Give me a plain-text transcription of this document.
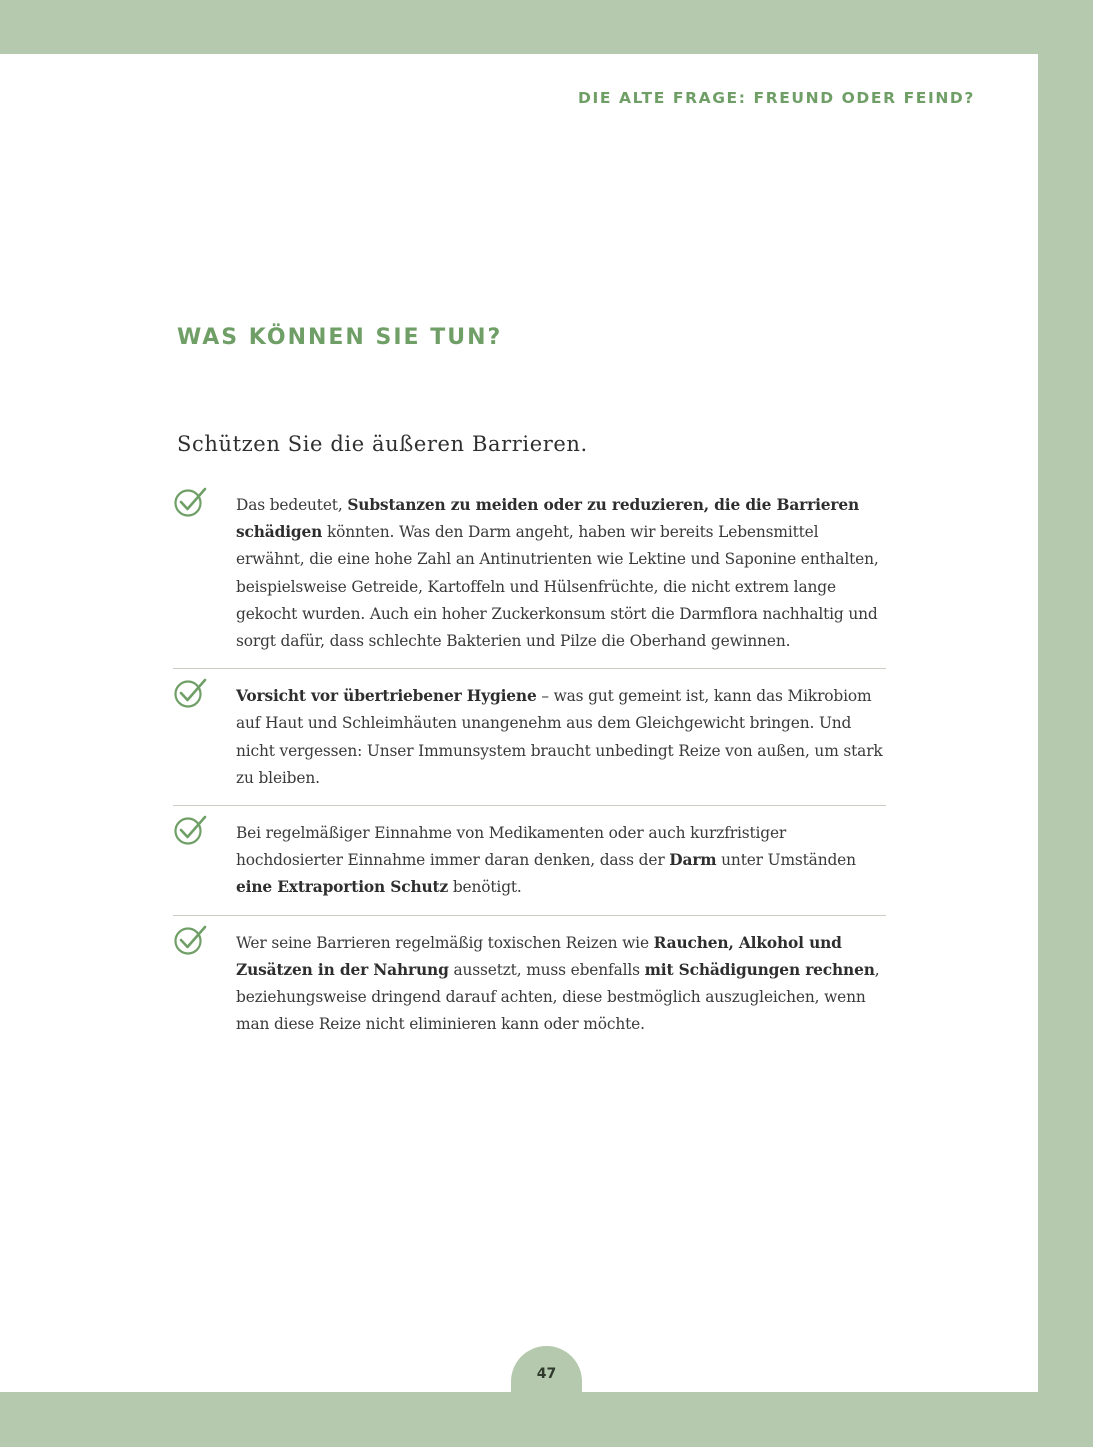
DIE ALTE FRAGE: FREUND ODER FEIND?
WAS KÖNNEN SIE TUN?
Schützen Sie die äußeren Barrieren.

Das bedeutet, Substanzen zu meiden oder zu reduzieren, die die Barrieren schädigen könnten. Was den Darm angeht, haben wir bereits Lebensmittel erwähnt, die eine hohe Zahl an Antinutrienten wie Lektine und Saponine enthalten, beispielsweise Getreide, Kartoffeln und Hülsenfrüchte, die nicht extrem lange gekocht wurden. Auch ein hoher Zuckerkonsum stört die Darmflora nachhaltig und sorgt dafür, dass schlechte Bakterien und Pilze die Oberhand gewinnen.

Vorsicht vor übertriebener Hygiene – was gut gemeint ist, kann das Mikrobiom auf Haut und Schleimhäuten unangenehm aus dem Gleichgewicht bringen. Und nicht vergessen: Unser Immunsystem braucht unbedingt Reize von außen, um stark zu bleiben.

Bei regelmäßiger Einnahme von Medikamenten oder auch kurzfristiger hochdosierter Einnahme immer daran denken, dass der Darm unter Umständen eine Extraportion Schutz benötigt.

Wer seine Barrieren regelmäßig toxischen Reizen wie Rauchen, Alkohol und Zusätzen in der Nahrung aussetzt, muss ebenfalls mit Schädigungen rechnen, beziehungsweise dringend darauf achten, diese bestmöglich auszugleichen, wenn man diese Reize nicht eliminieren kann oder möchte.

47
